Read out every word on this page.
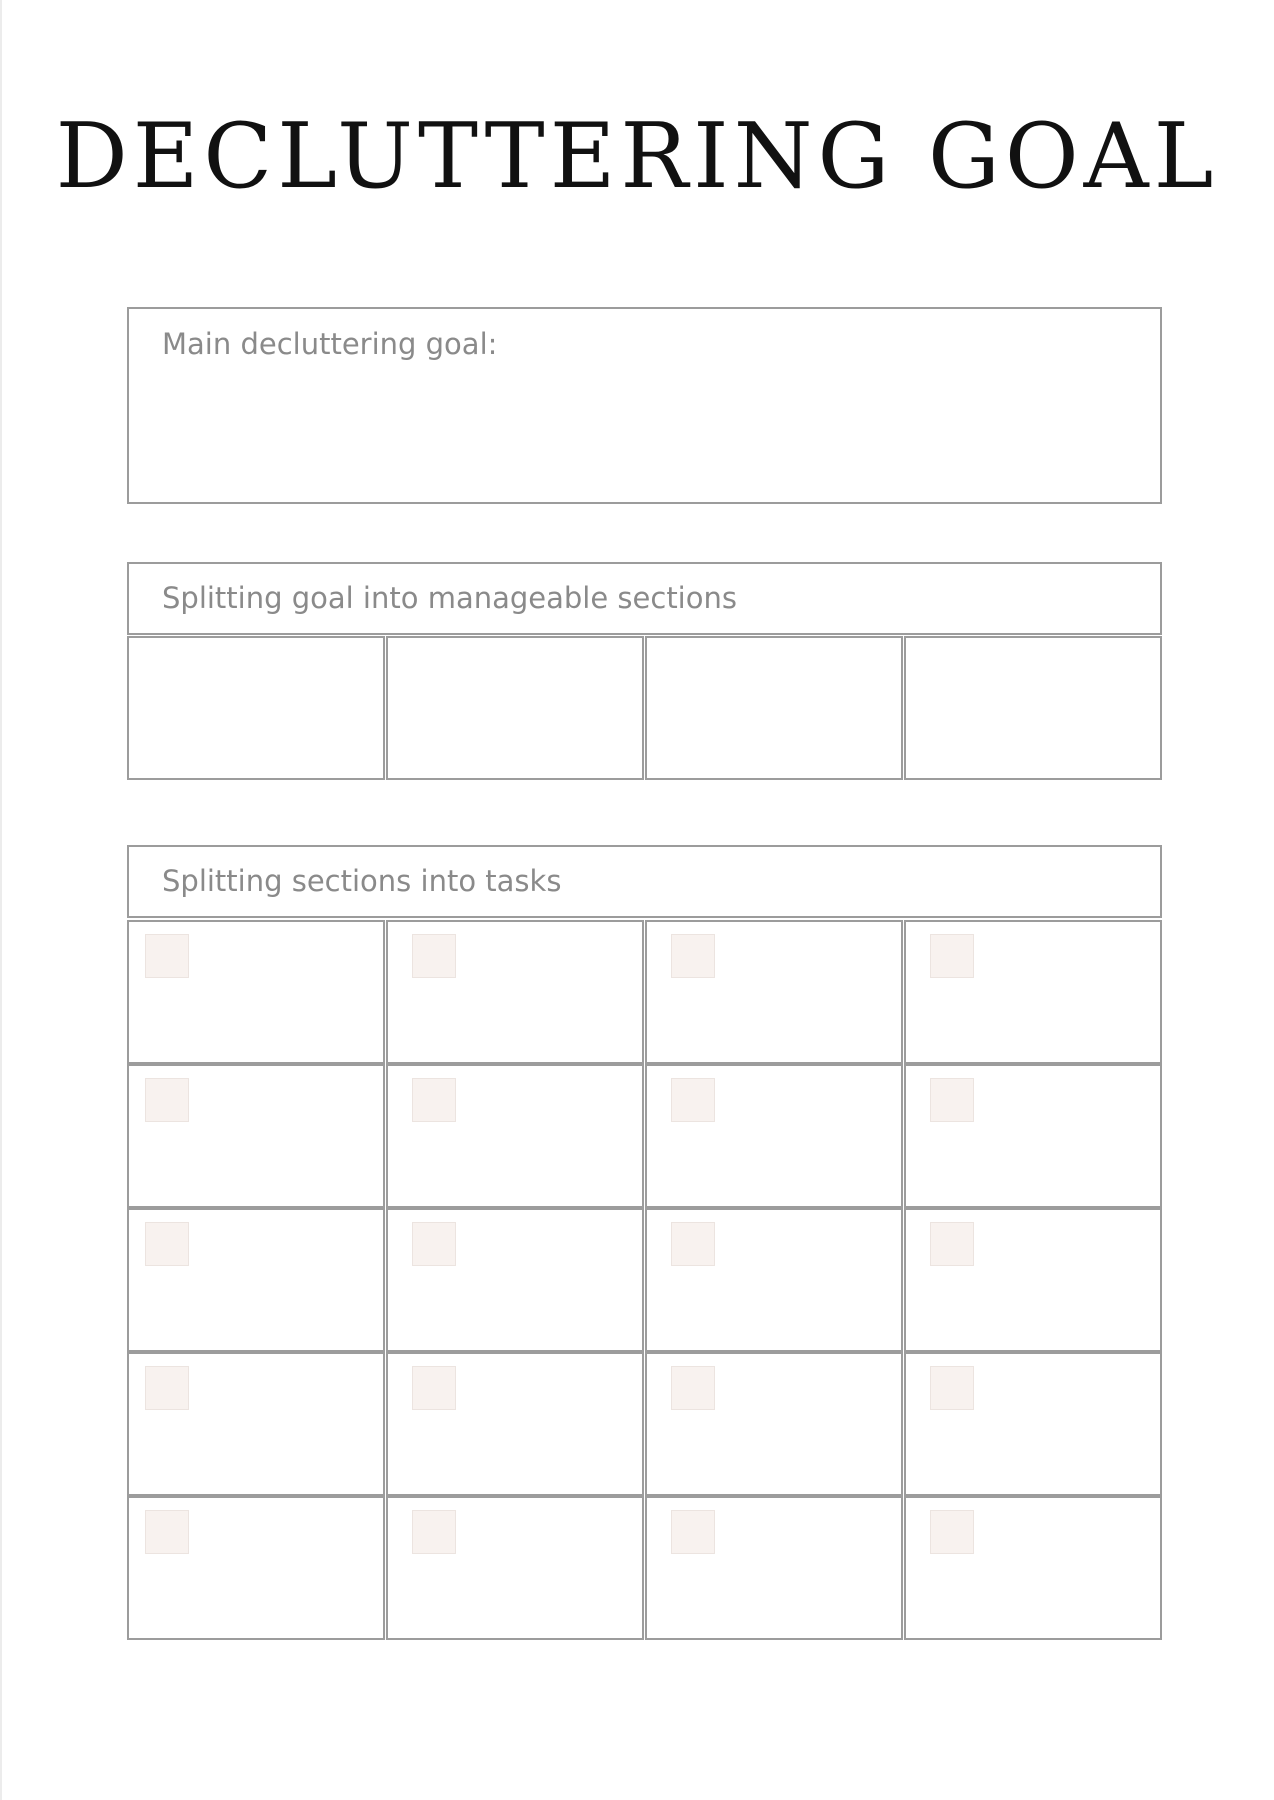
DECLUTTERING GOAL
Main decluttering goal:
Splitting goal into manageable sections
Splitting sections into tasks
